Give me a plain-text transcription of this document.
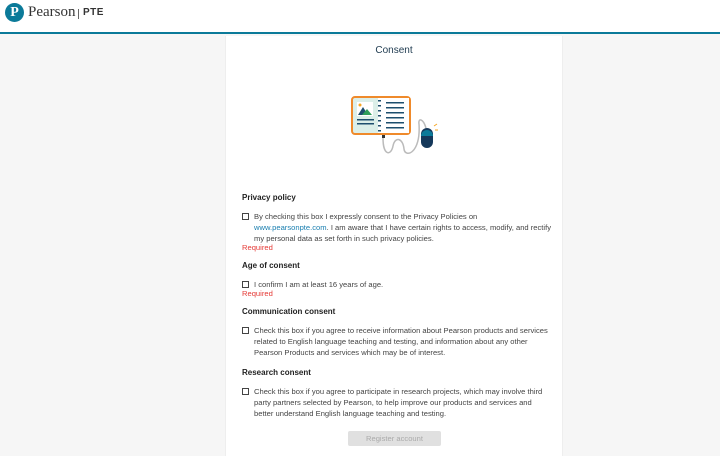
P Pearson PTE
Consent
Privacy policy
By checking this box I expressly consent to the Privacy Policies on www.pearsonpte.com. I am aware that I have certain rights to access, modify, and rectify my personal data as set forth in such privacy policies.
Required
Age of consent
I confirm I am at least 16 years of age.
Required
Communication consent
Check this box if you agree to receive information about Pearson products and services related to English language teaching and testing, and information about any other Pearson Products and services which may be of interest.
Research consent
Check this box if you agree to participate in research projects, which may involve third party partners selected by Pearson, to help improve our products and services and better understand English language teaching and testing.
Register account
